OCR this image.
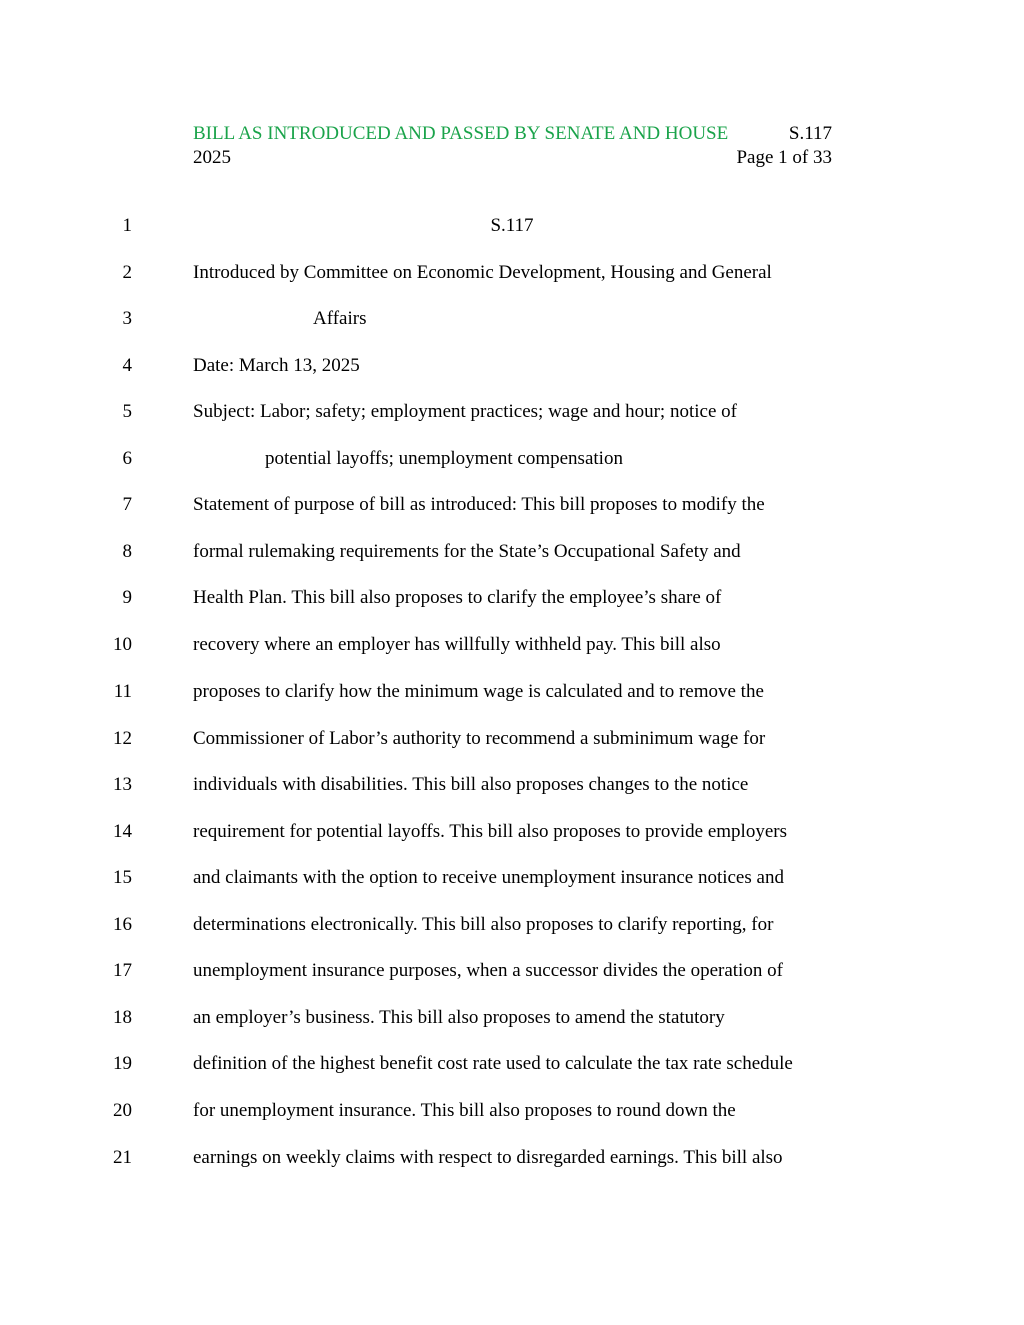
BILL AS INTRODUCED AND PASSED BY SENATE AND HOUSE	S.117
2025	Page 1 of 33
1	S.117
2	Introduced by Committee on Economic Development, Housing and General
3	Affairs
4	Date: March 13, 2025
5	Subject: Labor; safety; employment practices; wage and hour; notice of
6	potential layoffs; unemployment compensation
7	Statement of purpose of bill as introduced: This bill proposes to modify the
8	formal rulemaking requirements for the State’s Occupational Safety and
9	Health Plan. This bill also proposes to clarify the employee’s share of
10	recovery where an employer has willfully withheld pay. This bill also
11	proposes to clarify how the minimum wage is calculated and to remove the
12	Commissioner of Labor’s authority to recommend a subminimum wage for
13	individuals with disabilities. This bill also proposes changes to the notice
14	requirement for potential layoffs. This bill also proposes to provide employers
15	and claimants with the option to receive unemployment insurance notices and
16	determinations electronically. This bill also proposes to clarify reporting, for
17	unemployment insurance purposes, when a successor divides the operation of
18	an employer’s business. This bill also proposes to amend the statutory
19	definition of the highest benefit cost rate used to calculate the tax rate schedule
20	for unemployment insurance. This bill also proposes to round down the
21	earnings on weekly claims with respect to disregarded earnings. This bill also
